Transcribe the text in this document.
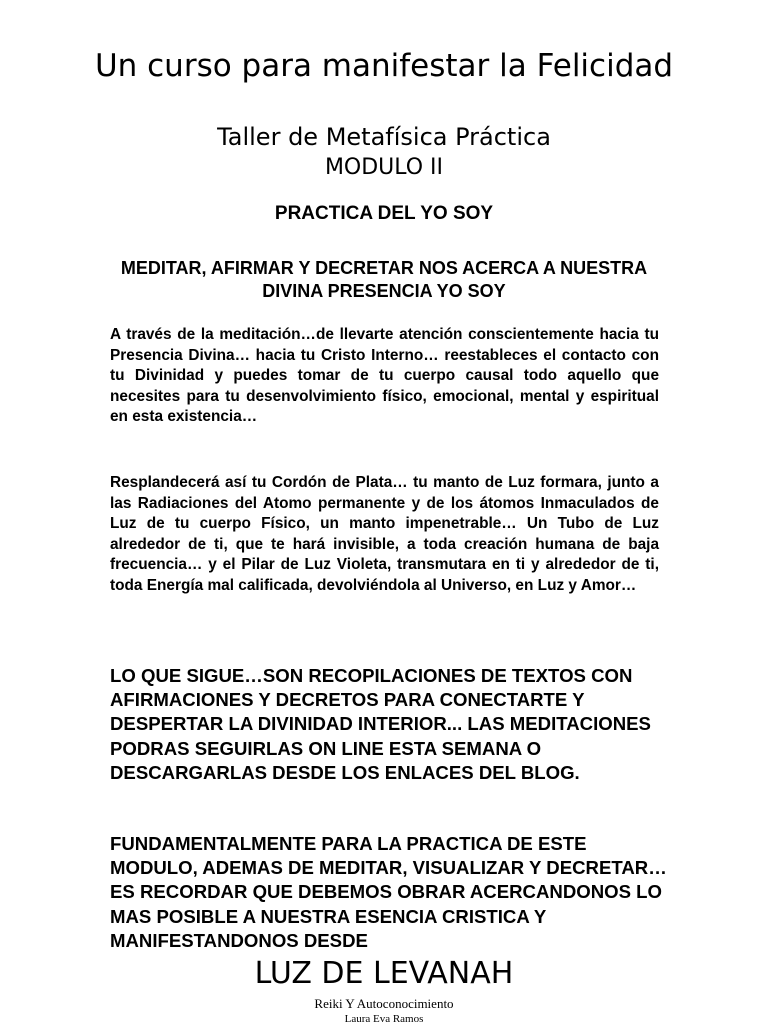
Un curso para manifestar la Felicidad
Taller de Metafísica Práctica
MODULO II
PRACTICA DEL YO SOY
MEDITAR, AFIRMAR Y DECRETAR NOS ACERCA A NUESTRA DIVINA PRESENCIA YO SOY

A través de la meditación…de llevarte atención conscientemente hacia tu Presencia Divina… hacia tu Cristo Interno… reestableces el contacto con tu Divinidad y puedes tomar de tu cuerpo causal todo aquello que necesites para tu desenvolvimiento físico, emocional, mental y espiritual en esta existencia…

Resplandecerá así tu Cordón de Plata… tu manto de Luz formara, junto a las Radiaciones del Atomo permanente y de los átomos Inmaculados de Luz de tu cuerpo Físico, un manto impenetrable… Un Tubo de Luz alrededor de ti, que te hará invisible, a toda creación humana de baja frecuencia… y el Pilar de Luz Violeta, transmutara en ti y alrededor de ti, toda Energía mal calificada, devolviéndola al Universo, en Luz y Amor…

LO QUE SIGUE…SON RECOPILACIONES DE TEXTOS CON AFIRMACIONES Y DECRETOS PARA CONECTARTE Y DESPERTAR LA DIVINIDAD INTERIOR... LAS MEDITACIONES PODRAS SEGUIRLAS ON LINE ESTA SEMANA O DESCARGARLAS DESDE LOS ENLACES DEL BLOG.

FUNDAMENTALMENTE PARA LA PRACTICA DE ESTE MODULO, ADEMAS DE MEDITAR, VISUALIZAR Y DECRETAR…ES RECORDAR QUE DEBEMOS OBRAR ACERCANDONOS LO MAS POSIBLE A NUESTRA ESENCIA CRISTICA Y MANIFESTANDONOS DESDE

LUZ DE LEVANAH
Reiki Y Autoconocimiento
Laura Eva Ramos
